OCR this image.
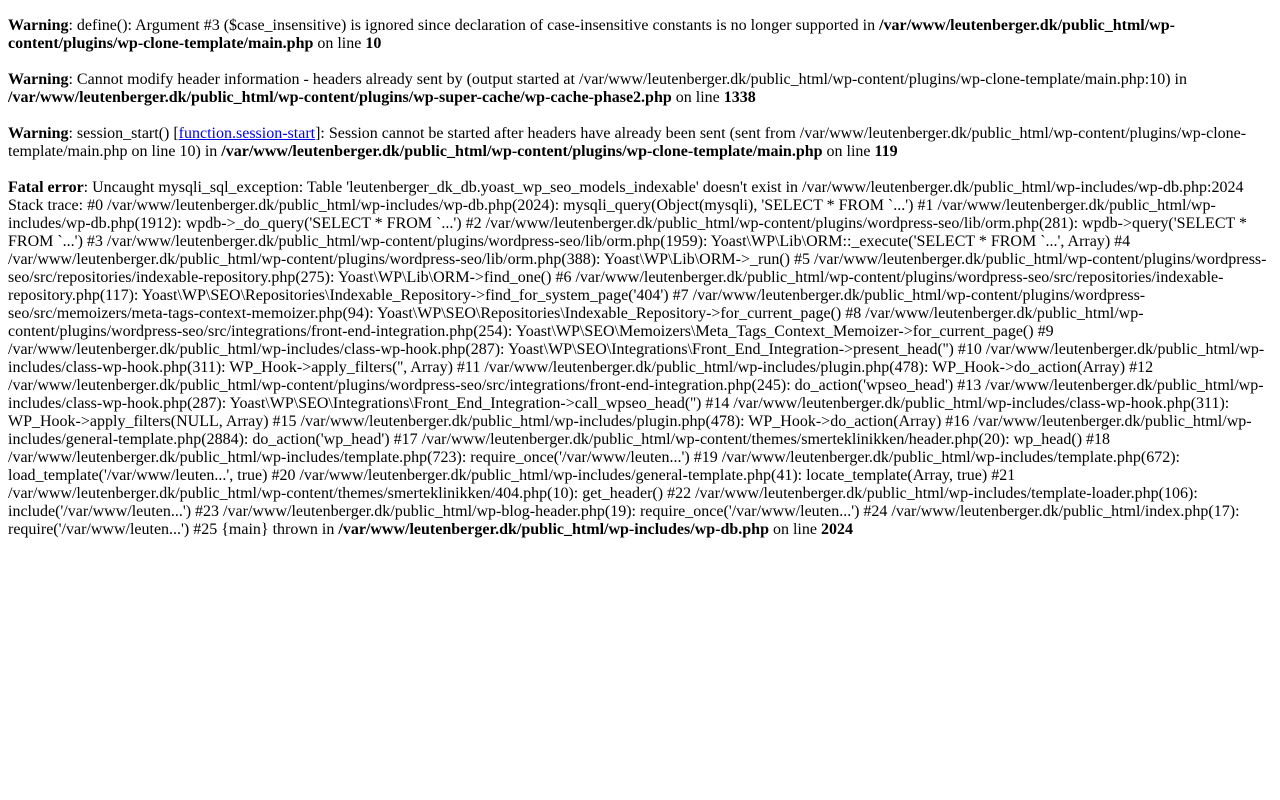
Warning: define(): Argument #3 ($case_insensitive) is ignored since declaration of case-insensitive constants is no longer supported in /var/www/leutenberger.dk/public_html/wp-content/plugins/wp-clone-template/main.php on line 10

Warning: Cannot modify header information - headers already sent by (output started at /var/www/leutenberger.dk/public_html/wp-content/plugins/wp-clone-template/main.php:10) in /var/www/leutenberger.dk/public_html/wp-content/plugins/wp-super-cache/wp-cache-phase2.php on line 1338

Warning: session_start() [function.session-start]: Session cannot be started after headers have already been sent (sent from /var/www/leutenberger.dk/public_html/wp-content/plugins/wp-clone-template/main.php on line 10) in /var/www/leutenberger.dk/public_html/wp-content/plugins/wp-clone-template/main.php on line 119

Fatal error: Uncaught mysqli_sql_exception: Table 'leutenberger_dk_db.yoast_wp_seo_models_indexable' doesn't exist in /var/www/leutenberger.dk/public_html/wp-includes/wp-db.php:2024 Stack trace: #0 /var/www/leutenberger.dk/public_html/wp-includes/wp-db.php(2024): mysqli_query(Object(mysqli), 'SELECT * FROM `...') #1 /var/www/leutenberger.dk/public_html/wp-includes/wp-db.php(1912): wpdb->_do_query('SELECT * FROM `...') #2 /var/www/leutenberger.dk/public_html/wp-content/plugins/wordpress-seo/lib/orm.php(281): wpdb->query('SELECT * FROM `...') #3 /var/www/leutenberger.dk/public_html/wp-content/plugins/wordpress-seo/lib/orm.php(1959): Yoast\WP\Lib\ORM::_execute('SELECT * FROM `...', Array) #4 /var/www/leutenberger.dk/public_html/wp-content/plugins/wordpress-seo/lib/orm.php(388): Yoast\WP\Lib\ORM->_run() #5 /var/www/leutenberger.dk/public_html/wp-content/plugins/wordpress-seo/src/repositories/indexable-repository.php(275): Yoast\WP\Lib\ORM->find_one() #6 /var/www/leutenberger.dk/public_html/wp-content/plugins/wordpress-seo/src/repositories/indexable-repository.php(117): Yoast\WP\SEO\Repositories\Indexable_Repository->find_for_system_page('404') #7 /var/www/leutenberger.dk/public_html/wp-content/plugins/wordpress-seo/src/memoizers/meta-tags-context-memoizer.php(94): Yoast\WP\SEO\Repositories\Indexable_Repository->for_current_page() #8 /var/www/leutenberger.dk/public_html/wp-content/plugins/wordpress-seo/src/integrations/front-end-integration.php(254): Yoast\WP\SEO\Memoizers\Meta_Tags_Context_Memoizer->for_current_page() #9 /var/www/leutenberger.dk/public_html/wp-includes/class-wp-hook.php(287): Yoast\WP\SEO\Integrations\Front_End_Integration->present_head('') #10 /var/www/leutenberger.dk/public_html/wp-includes/class-wp-hook.php(311): WP_Hook->apply_filters('', Array) #11 /var/www/leutenberger.dk/public_html/wp-includes/plugin.php(478): WP_Hook->do_action(Array) #12 /var/www/leutenberger.dk/public_html/wp-content/plugins/wordpress-seo/src/integrations/front-end-integration.php(245): do_action('wpseo_head') #13 /var/www/leutenberger.dk/public_html/wp-includes/class-wp-hook.php(287): Yoast\WP\SEO\Integrations\Front_End_Integration->call_wpseo_head('') #14 /var/www/leutenberger.dk/public_html/wp-includes/class-wp-hook.php(311): WP_Hook->apply_filters(NULL, Array) #15 /var/www/leutenberger.dk/public_html/wp-includes/plugin.php(478): WP_Hook->do_action(Array) #16 /var/www/leutenberger.dk/public_html/wp-includes/general-template.php(2884): do_action('wp_head') #17 /var/www/leutenberger.dk/public_html/wp-content/themes/smerteklinikken/header.php(20): wp_head() #18 /var/www/leutenberger.dk/public_html/wp-includes/template.php(723): require_once('/var/www/leuten...') #19 /var/www/leutenberger.dk/public_html/wp-includes/template.php(672): load_template('/var/www/leuten...', true) #20 /var/www/leutenberger.dk/public_html/wp-includes/general-template.php(41): locate_template(Array, true) #21 /var/www/leutenberger.dk/public_html/wp-content/themes/smerteklinikken/404.php(10): get_header() #22 /var/www/leutenberger.dk/public_html/wp-includes/template-loader.php(106): include('/var/www/leuten...') #23 /var/www/leutenberger.dk/public_html/wp-blog-header.php(19): require_once('/var/www/leuten...') #24 /var/www/leutenberger.dk/public_html/index.php(17): require('/var/www/leuten...') #25 {main} thrown in /var/www/leutenberger.dk/public_html/wp-includes/wp-db.php on line 2024
